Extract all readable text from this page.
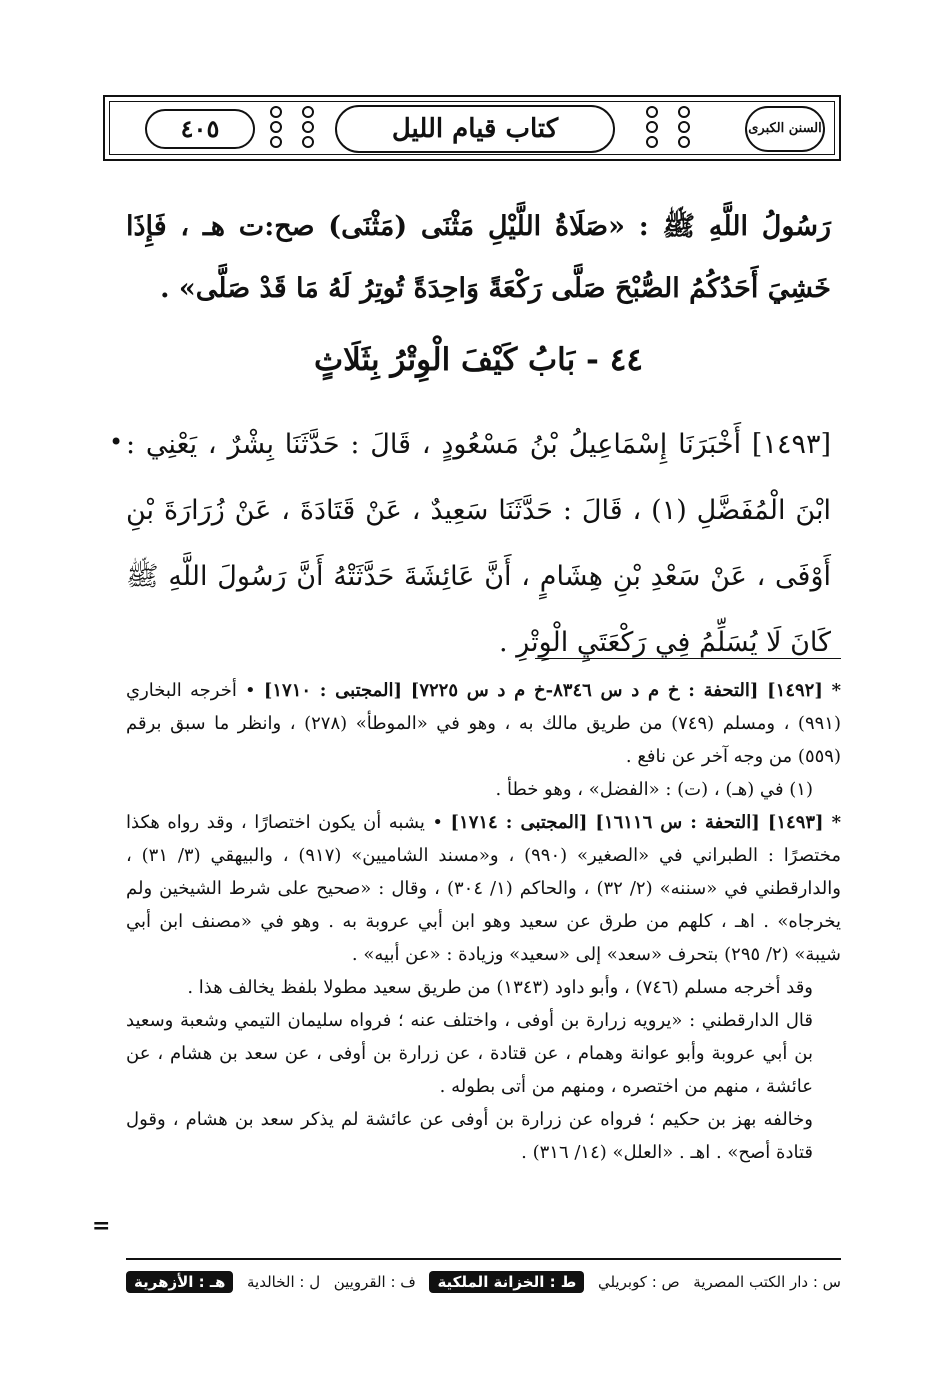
٤٠٥	كتاب قيام الليل	السنن الكبرى
رَسُولُ اللَّهِ ﷺ : «صَلَاةُ اللَّيْلِ مَثْنَى (مَثْنَى) صح:ت هـ ، فَإِذَا خَشِيَ أَحَدُكُمُ الصُّبْحَ صَلَّى رَكْعَةً وَاحِدَةً تُوتِرُ لَهُ مَا قَدْ صَلَّى» .
٤٤ - بَابُ كَيْفَ الْوِتْرُ بِثَلَاثٍ
• [١٤٩٣] أَخْبَرَنَا إِسْمَاعِيلُ بْنُ مَسْعُودٍ ، قَالَ : حَدَّثَنَا بِشْرٌ ، يَعْنِي : ابْنَ الْمُفَضَّلِ (١) ، قَالَ : حَدَّثَنَا سَعِيدٌ ، عَنْ قَتَادَةَ ، عَنْ زُرَارَةَ بْنِ أَوْفَى ، عَنْ سَعْدِ بْنِ هِشَامٍ ، أَنَّ عَائِشَةَ حَدَّثَتْهُ أَنَّ رَسُولَ اللَّهِ ﷺ كَانَ لَا يُسَلِّمُ فِي رَكْعَتَيِ الْوِتْرِ .

* [١٤٩٢] [التحفة : خ م د س ٨٣٤٦-خ م د س ٧٢٢٥] [المجتبى : ١٧١٠] • أخرجه البخاري (٩٩١) ، ومسلم (٧٤٩) من طريق مالك به ، وهو في «الموطأ» (٢٧٨) ، وانظر ما سبق برقم (٥٥٩) من وجه آخر عن نافع .

(١) في (هـ) ، (ت) : «الفضل» ، وهو خطأ .

* [١٤٩٣] [التحفة : س ١٦١١٦] [المجتبى : ١٧١٤] • يشبه أن يكون اختصارًا ، وقد رواه هكذا مختصرًا : الطبراني في «الصغير» (٩٩٠) ، و«مسند الشاميين» (٩١٧) ، والبيهقي (٣/ ٣١) ، والدارقطني في «سننه» (٢/ ٣٢) ، والحاكم (١/ ٣٠٤) ، وقال : «صحيح على شرط الشيخين ولم يخرجاه» . اهـ ، كلهم من طرق عن سعيد وهو ابن أبي عروبة به . وهو في «مصنف ابن أبي شيبة» (٢/ ٢٩٥) بتحرف «سعد» إلى «سعيد» وزيادة : «عن أبيه» .

وقد أخرجه مسلم (٧٤٦) ، وأبو داود (١٣٤٣) من طريق سعيد مطولا بلفظ يخالف هذا .

قال الدارقطني : «يرويه زرارة بن أوفى ، واختلف عنه ؛ فرواه سليمان التيمي وشعبة وسعيد بن أبي عروبة وأبو عوانة وهمام ، عن قتادة ، عن زرارة بن أوفى ، عن سعد بن هشام ، عن عائشة ، منهم من اختصره ، ومنهم من أتى بطوله .

وخالفه بهز بن حكيم ؛ فرواه عن زرارة بن أوفى عن عائشة لم يذكر سعد بن هشام ، وقول قتادة أصح» . اهـ . «العلل» (١٤/ ٣١٦) .

=
س : دار الكتب المصرية
ص : كوبريلي
ط : الخزانة الملكية
ف : القرويين
ل : الخالدية
هـ : الأزهرية
